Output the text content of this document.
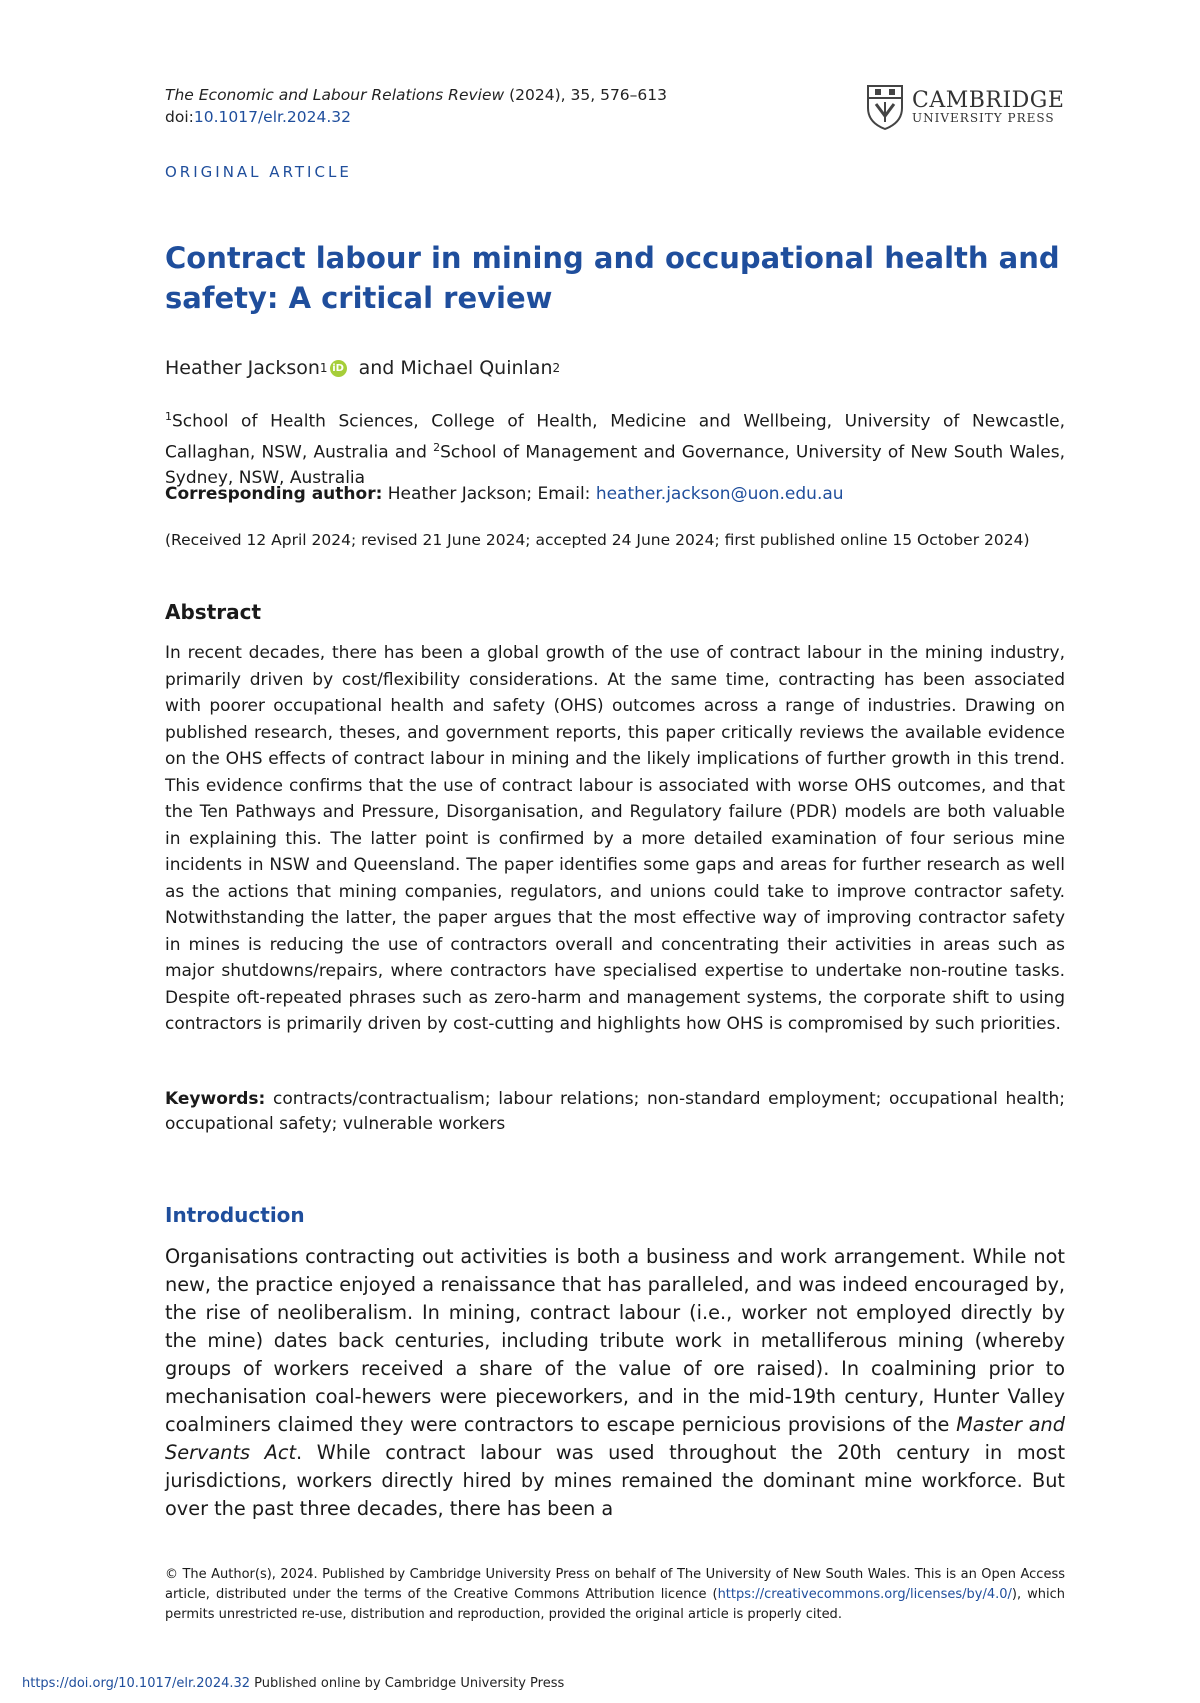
The Economic and Labour Relations Review (2024), 35, 576–613
doi:10.1017/elr.2024.32
CAMBRIDGE
UNIVERSITY PRESS
ORIGINAL ARTICLE
Contract labour in mining and occupational health and safety: A critical review
Heather Jackson 1 iD and Michael Quinlan 2

$^1$School of Health Sciences, College of Health, Medicine and Wellbeing, University of Newcastle, Callaghan, NSW, Australia and $^2$School of Management and Governance, University of New South Wales, Sydney, NSW, Australia

Corresponding author: Heather Jackson; Email: heather.jackson@uon.edu.au
(Received 12 April 2024; revised 21 June 2024; accepted 24 June 2024; first published online 15 October 2024)
Abstract

In recent decades, there has been a global growth of the use of contract labour in the mining industry, primarily driven by cost/flexibility considerations. At the same time, contracting has been associated with poorer occupational health and safety (OHS) outcomes across a range of industries. Drawing on published research, theses, and government reports, this paper critically reviews the available evidence on the OHS effects of contract labour in mining and the likely implications of further growth in this trend. This evidence confirms that the use of contract labour is associated with worse OHS outcomes, and that the Ten Pathways and Pressure, Disorganisation, and Regulatory failure (PDR) models are both valuable in explaining this. The latter point is confirmed by a more detailed examination of four serious mine incidents in NSW and Queensland. The paper identifies some gaps and areas for further research as well as the actions that mining companies, regulators, and unions could take to improve contractor safety. Notwithstanding the latter, the paper argues that the most effective way of improving contractor safety in mines is reducing the use of contractors overall and concentrating their activities in areas such as major shutdowns/repairs, where contractors have specialised expertise to undertake non-routine tasks. Despite oft-repeated phrases such as zero-harm and management systems, the corporate shift to using contractors is primarily driven by cost-cutting and highlights how OHS is compromised by such priorities.

Keywords: contracts/contractualism; labour relations; non-standard employment; occupational health; occupational safety; vulnerable workers

Introduction

Organisations contracting out activities is both a business and work arrangement. While not new, the practice enjoyed a renaissance that has paralleled, and was indeed encouraged by, the rise of neoliberalism. In mining, contract labour (i.e., worker not employed directly by the mine) dates back centuries, including tribute work in metalliferous mining (whereby groups of workers received a share of the value of ore raised). In coalmining prior to mechanisation coal-hewers were pieceworkers, and in the mid-19th century, Hunter Valley coalminers claimed they were contractors to escape pernicious provisions of the Master and Servants Act. While contract labour was used throughout the 20th century in most jurisdictions, workers directly hired by mines remained the dominant mine workforce. But over the past three decades, there has been a

© The Author(s), 2024. Published by Cambridge University Press on behalf of The University of New South Wales. This is an Open Access article, distributed under the terms of the Creative Commons Attribution licence (https://creativecommons.org/licenses/by/4.0/), which permits unrestricted re-use, distribution and reproduction, provided the original article is properly cited.

https://doi.org/10.1017/elr.2024.32 Published online by Cambridge University Press
